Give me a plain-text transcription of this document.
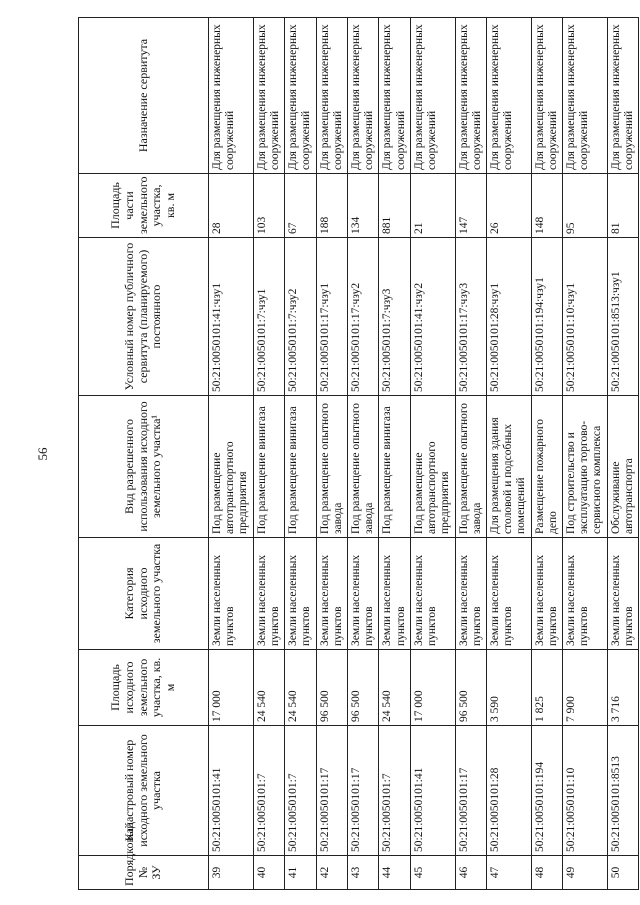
56
Порядковый № ЗУ	Кадастровый номер исходного земельного участка	Площадь исходного земельного участка, кв. м	Категория исходного земельного участка	Вид разрешенного использования исходного земельного участка¹	Условный номер публичного сервитута (планируемого) постоянного	Площадь части земельного участка, кв. м	Назначение сервитута
39	50:21:0050101:41	17 000	Земли населенных пунктов	Под размещение автотранспортного предприятия	50:21:0050101:41:чзу1	28	Для размещения инженерных сооружений
40	50:21:0050101:7	24 540	Земли населенных пунктов	Под размещение винигаза	50:21:0050101:7:чзу1	103	Для размещения инженерных сооружений
41	50:21:0050101:7	24 540	Земли населенных пунктов	Под размещение винигаза	50:21:0050101:7:чзу2	67	Для размещения инженерных сооружений
42	50:21:0050101:17	96 500	Земли населенных пунктов	Под размещение опытного завода	50:21:0050101:17:чзу1	188	Для размещения инженерных сооружений
43	50:21:0050101:17	96 500	Земли населенных пунктов	Под размещение опытного завода	50:21:0050101:17:чзу2	134	Для размещения инженерных сооружений
44	50:21:0050101:7	24 540	Земли населенных пунктов	Под размещение винигаза	50:21:0050101:7:чзу3	881	Для размещения инженерных сооружений
45	50:21:0050101:41	17 000	Земли населенных пунктов	Под размещение автотранспортного предприятия	50:21:0050101:41:чзу2	21	Для размещения инженерных сооружений
46	50:21:0050101:17	96 500	Земли населенных пунктов	Под размещение опытного завода	50:21:0050101:17:чзу3	147	Для размещения инженерных сооружений
47	50:21:0050101:28	3 590	Земли населенных пунктов	Для размещения здания столовой и подсобных помещений	50:21:0050101:28:чзу1	26	Для размещения инженерных сооружений
48	50:21:0050101:194	1 825	Земли населенных пунктов	Размещение пожарного депо	50:21:0050101:194:чзу1	148	Для размещения инженерных сооружений
49	50:21:0050101:10	7 900	Земли населенных пунктов	Под строительство и эксплуатацию торгово-сервисного комплекса	50:21:0050101:10:чзу1	95	Для размещения инженерных сооружений
50	50:21:0050101:8513	3 716	Земли населенных пунктов	Обслуживание автотранспорта	50:21:0050101:8513:чзу1	81	Для размещения инженерных сооружений
